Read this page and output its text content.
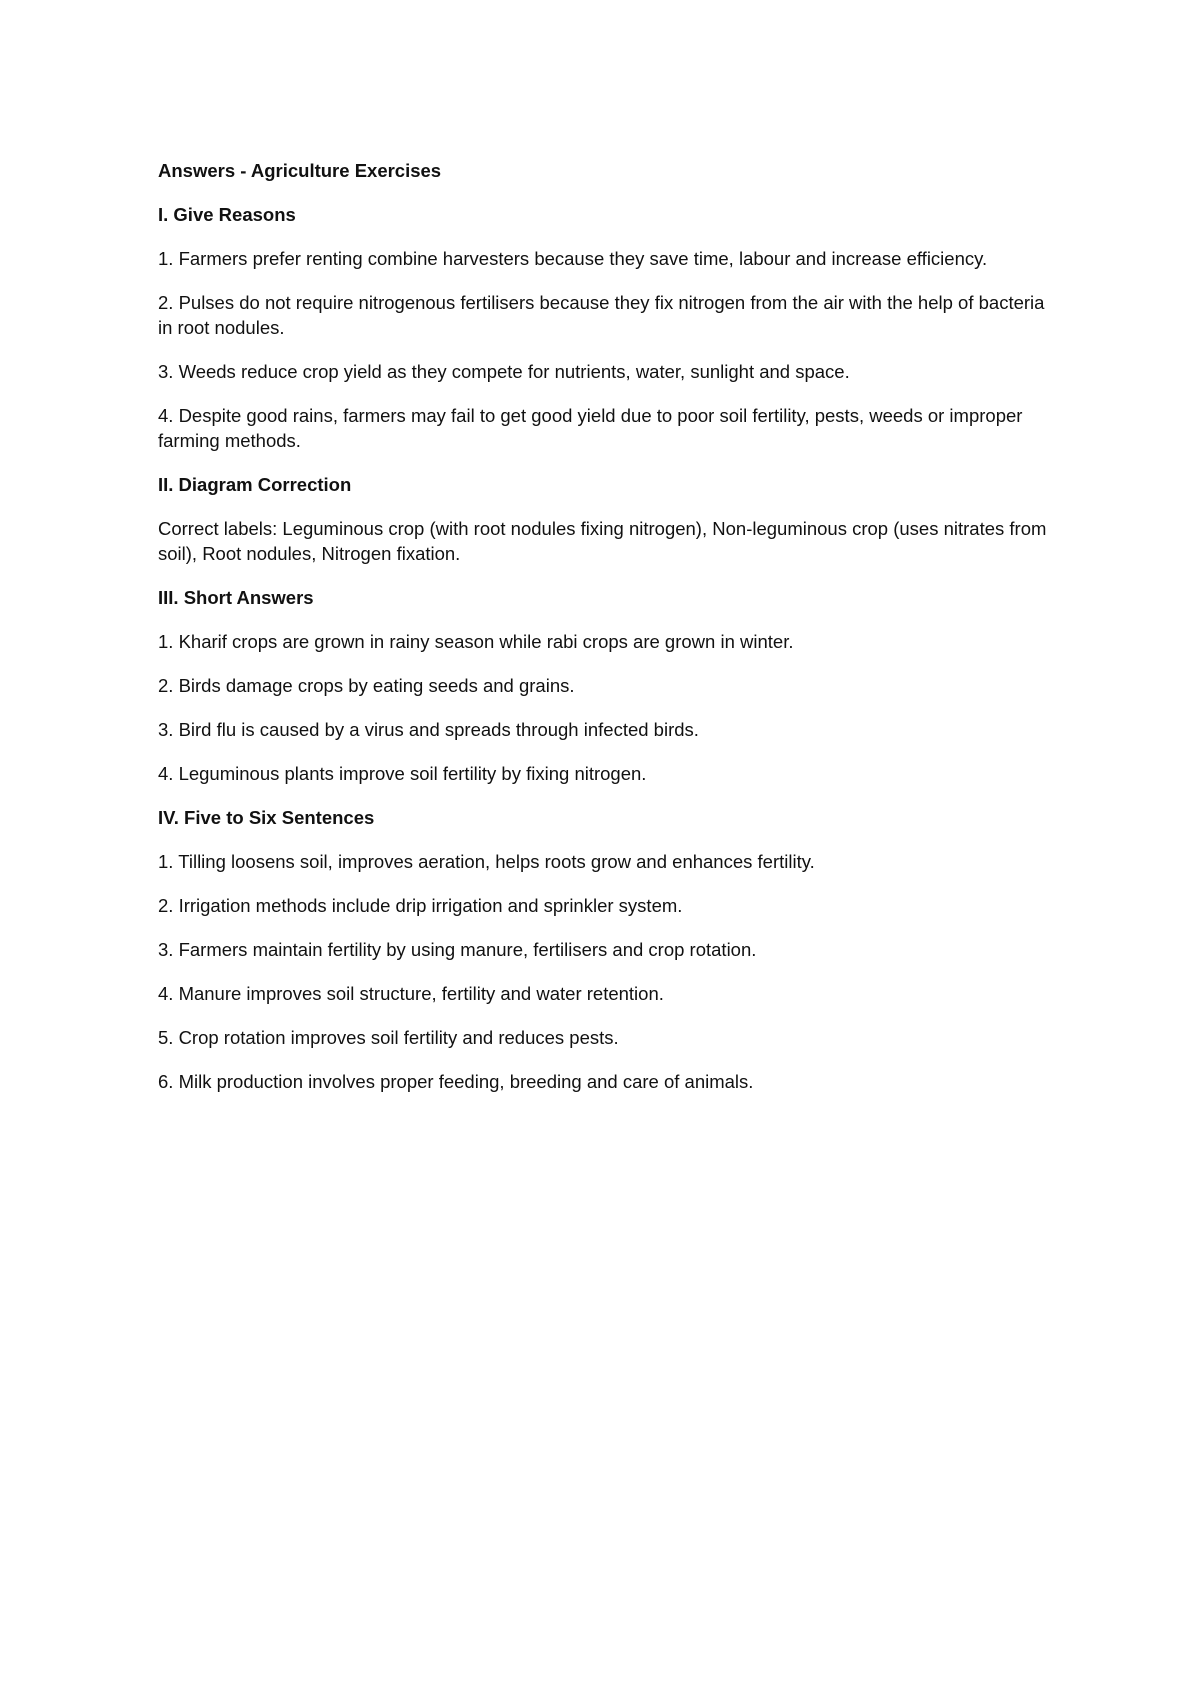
Answers - Agriculture Exercises

I. Give Reasons

1. Farmers prefer renting combine harvesters because they save time, labour and increase efficiency.

2. Pulses do not require nitrogenous fertilisers because they fix nitrogen from the air with the help of bacteria in root nodules.

3. Weeds reduce crop yield as they compete for nutrients, water, sunlight and space.

4. Despite good rains, farmers may fail to get good yield due to poor soil fertility, pests, weeds or improper farming methods.

II. Diagram Correction

Correct labels: Leguminous crop (with root nodules fixing nitrogen), Non-leguminous crop (uses nitrates from soil), Root nodules, Nitrogen fixation.

III. Short Answers

1. Kharif crops are grown in rainy season while rabi crops are grown in winter.

2. Birds damage crops by eating seeds and grains.

3. Bird flu is caused by a virus and spreads through infected birds.

4. Leguminous plants improve soil fertility by fixing nitrogen.

IV. Five to Six Sentences

1. Tilling loosens soil, improves aeration, helps roots grow and enhances fertility.

2. Irrigation methods include drip irrigation and sprinkler system.

3. Farmers maintain fertility by using manure, fertilisers and crop rotation.

4. Manure improves soil structure, fertility and water retention.

5. Crop rotation improves soil fertility and reduces pests.

6. Milk production involves proper feeding, breeding and care of animals.
